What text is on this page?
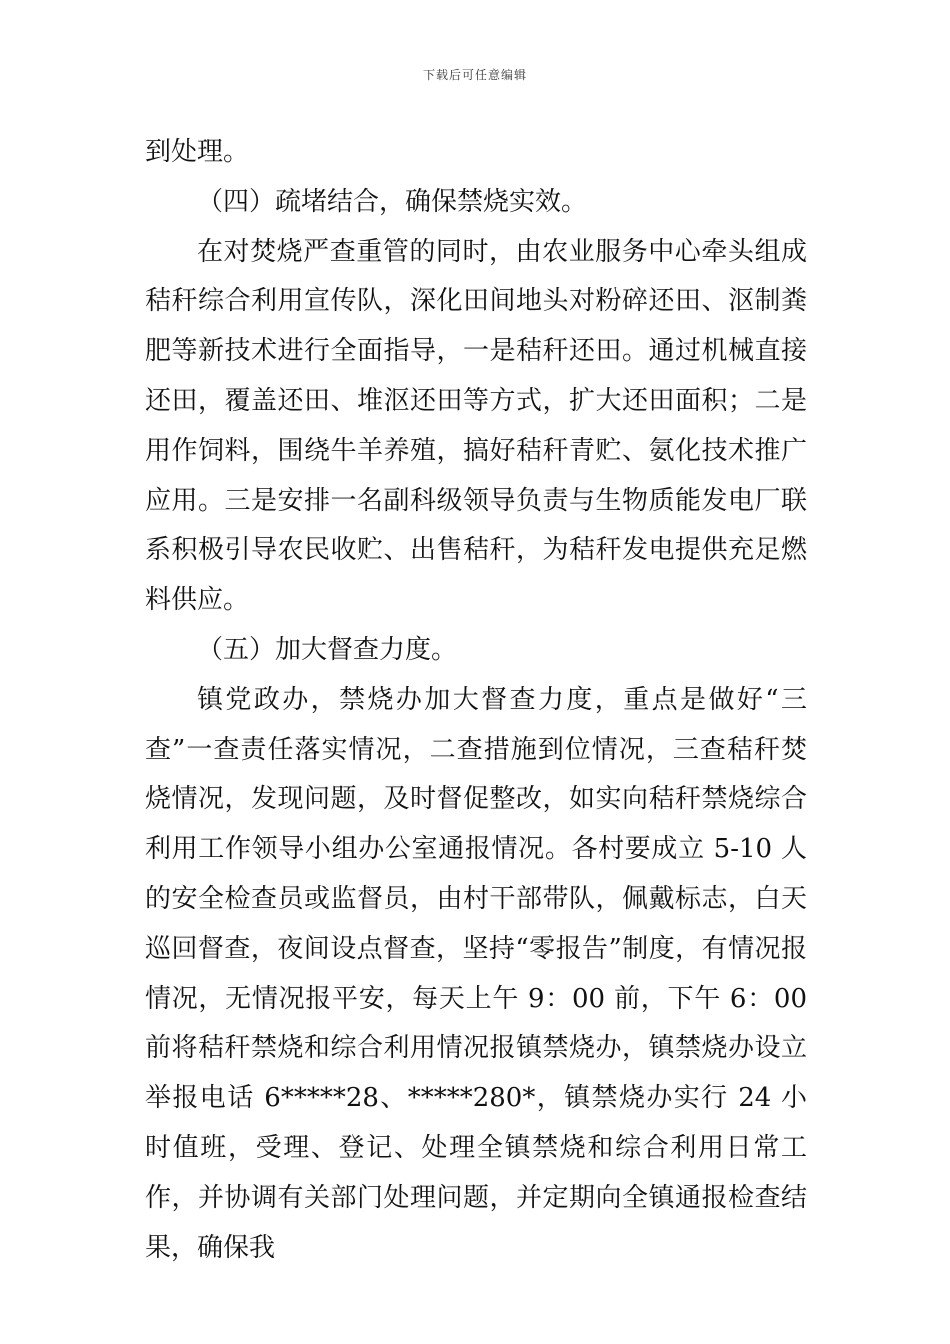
下载后可任意编辑

到处理。

（四）疏堵结合，确保禁烧实效。

在对焚烧严查重管的同时，由农业服务中心牵头组成秸秆综合利用宣传队，深化田间地头对粉碎还田、沤制粪肥等新技术进行全面指导，一是秸秆还田。通过机械直接还田，覆盖还田、堆沤还田等方式，扩大还田面积；二是用作饲料，围绕牛羊养殖，搞好秸秆青贮、氨化技术推广应用。三是安排一名副科级领导负责与生物质能发电厂联系积极引导农民收贮、出售秸秆，为秸秆发电提供充足燃料供应。

（五）加大督查力度。

镇党政办，禁烧办加大督查力度，重点是做好“三查”一查责任落实情况，二查措施到位情况，三查秸秆焚烧情况，发现问题，及时督促整改，如实向秸秆禁烧综合利用工作领导小组办公室通报情况。各村要成立 5-10 人的安全检查员或监督员，由村干部带队，佩戴标志，白天巡回督查，夜间设点督查，坚持“零报告”制度，有情况报情况，无情况报平安，每天上午 9：00 前，下午 6：00 前将秸秆禁烧和综合利用情况报镇禁烧办，镇禁烧办设立举报电话 6*****28、*****280*，镇禁烧办实行 24 小时值班，受理、登记、处理全镇禁烧和综合利用日常工作，并协调有关部门处理问题，并定期向全镇通报检查结果，确保我
